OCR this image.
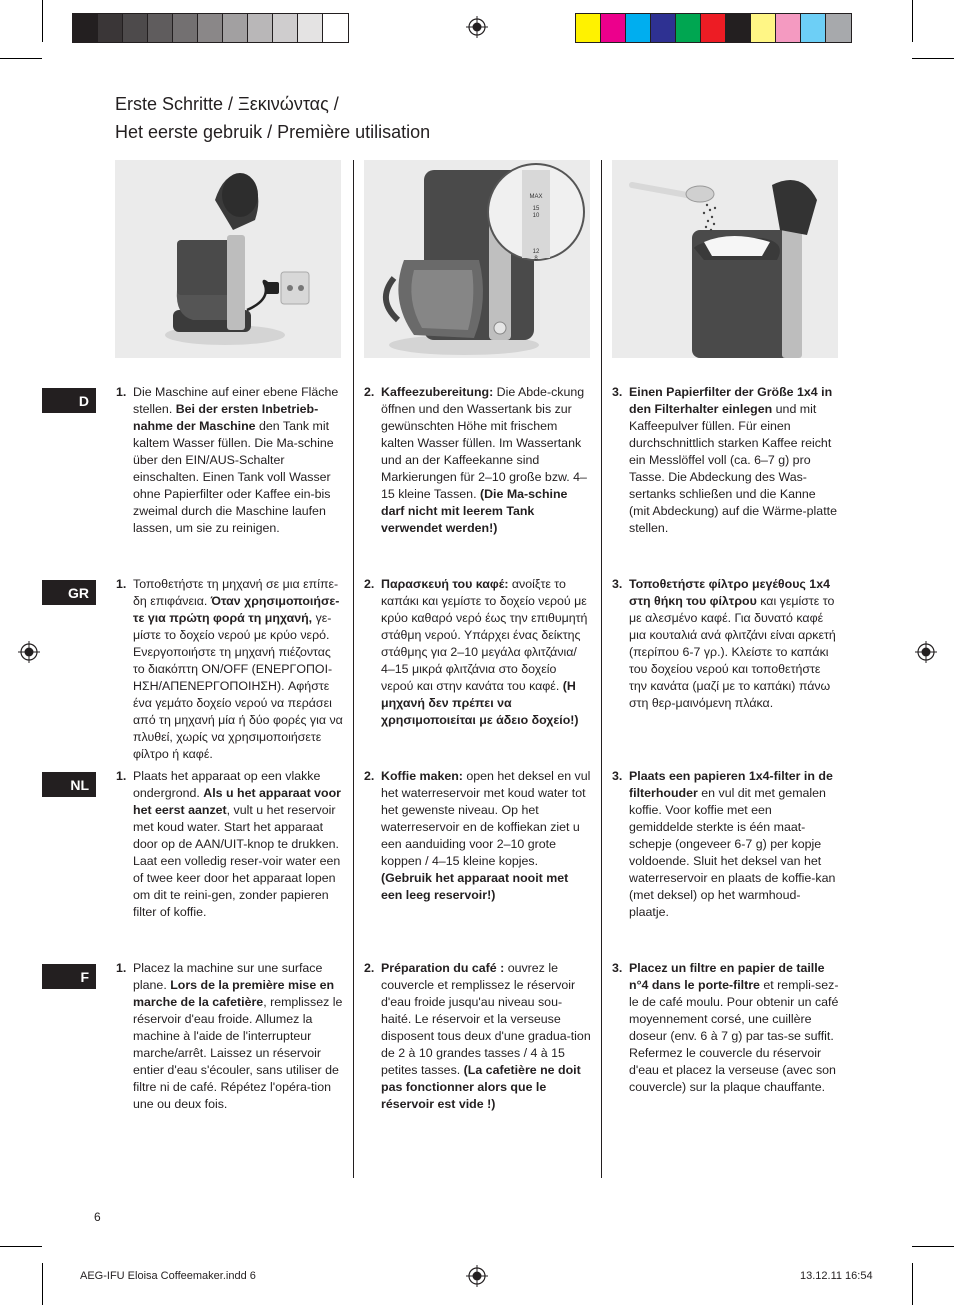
Erste Schritte / Ξεκινώντας /
Het eerste gebruik / Première utilisation
MAX
15
10
12
8
D
GR
NL
F
1. Die Maschine auf einer ebene Fläche stellen. Bei der ersten Inbetrieb-nahme der Maschine den Tank mit kaltem Wasser füllen. Die Ma-schine über den EIN/AUS-Schalter einschalten. Einen Tank voll Wasser ohne Papierfilter oder Kaffee ein-bis zweimal durch die Maschine laufen lassen, um sie zu reinigen.
2. Kaffeezubereitung: Die Abde-ckung öffnen und den Wassertank bis zur gewünschten Höhe mit frischem kalten Wasser füllen. Im Wassertank und an der Kaffeekanne sind Markierungen für 2–10 große bzw. 4–15 kleine Tassen. (Die Ma-schine darf nicht mit leerem Tank verwendet werden!)
3. Einen Papierfilter der Größe 1x4 in den Filterhalter einlegen und mit Kaffeepulver füllen. Für einen durchschnittlich starken Kaffee reicht ein Messlöffel voll (ca. 6–7 g) pro Tasse. Die Abdeckung des Was-sertanks schließen und die Kanne (mit Abdeckung) auf die Wärme-platte stellen.
1. Τοποθετήστε τη μηχανή σε μια επίπε-δη επιφάνεια. Όταν χρησιμοποιήσε-τε για πρώτη φορά τη μηχανή, γε-μίστε το δοχείο νερού με κρύο νερό. Ενεργοποιήστε τη μηχανή πιέζοντας το διακόπτη ON/OFF (ΕΝΕΡΓΟΠΟΙ-ΗΣΗ/ΑΠΕΝΕΡΓΟΠΟΙΗΣΗ). Αφήστε ένα γεμάτο δοχείο νερού να περάσει από τη μηχανή μία ή δύο φορές για να πλυθεί, χωρίς να χρησιμοποιήσετε φίλτρο ή καφέ.
2. Παρασκευή του καφέ: ανοίξτε το καπάκι και γεμίστε το δοχείο νερού με κρύο καθαρό νερό έως την επιθυμητή στάθμη νερού. Υπάρχει ένας δείκτης στάθμης για 2–10 μεγάλα φλιτζάνια/ 4–15 μικρά φλιτζάνια στο δοχείο νερού και στην κανάτα του καφέ. (Η μηχανή δεν πρέπει να χρησιμοποιείται με άδειο δοχείο!)
3. Τοποθετήστε φίλτρο μεγέθους 1x4 στη θήκη του φίλτρου και γεμίστε το με αλεσμένο καφέ. Για δυνατό καφέ μια κουταλιά ανά φλιτζάνι είναι αρκετή (περίπου 6-7 γρ.). Κλείστε το καπάκι του δοχείου νερού και τοποθετήστε την κανάτα (μαζί με το καπάκι) πάνω στη θερ-μαινόμενη πλάκα.
1. Plaats het apparaat op een vlakke ondergrond. Als u het apparaat voor het eerst aanzet, vult u het reservoir met koud water. Start het apparaat door op de AAN/UIT-knop te drukken. Laat een volledig reser-voir water een of twee keer door het apparaat lopen om dit te reini-gen, zonder papieren filter of koffie.
2. Koffie maken: open het deksel en vul het waterreservoir met koud water tot het gewenste niveau. Op het waterreservoir en de koffiekan ziet u een aanduiding voor 2–10 grote koppen / 4–15 kleine kopjes. (Gebruik het apparaat nooit met een leeg reservoir!)
3. Plaats een papieren 1x4-filter in de filterhouder en vul dit met gemalen koffie. Voor koffie met een gemiddelde sterkte is één maat-schepje (ongeveer 6-7 g) per kopje voldoende. Sluit het deksel van het waterreservoir en plaats de koffie-kan (met deksel) op het warmhoud-plaatje.
1. Placez la machine sur une surface plane. Lors de la première mise en marche de la cafetière, remplissez le réservoir d'eau froide. Allumez la machine à l'aide de l'interrupteur marche/arrêt. Laissez un réservoir entier d'eau s'écouler, sans utiliser de filtre ni de café. Répétez l'opéra-tion une ou deux fois.
2. Préparation du café : ouvrez le couvercle et remplissez le réservoir d'eau froide jusqu'au niveau sou-haité. Le réservoir et la verseuse disposent tous deux d'une gradua-tion de 2 à 10 grandes tasses / 4 à 15 petites tasses. (La cafetière ne doit pas fonctionner alors que le réservoir est vide !)
3. Placez un filtre en papier de taille n°4 dans le porte-filtre et rempli-sez-le de café moulu. Pour obtenir un café moyennement corsé, une cuillère doseur (env. 6 à 7 g) par tas-se suffit. Refermez le couvercle du réservoir d'eau et placez la verseuse (avec son couvercle) sur la plaque chauffante.
6
AEG-IFU Eloisa Coffeemaker.indd 6	13.12.11 16:54
